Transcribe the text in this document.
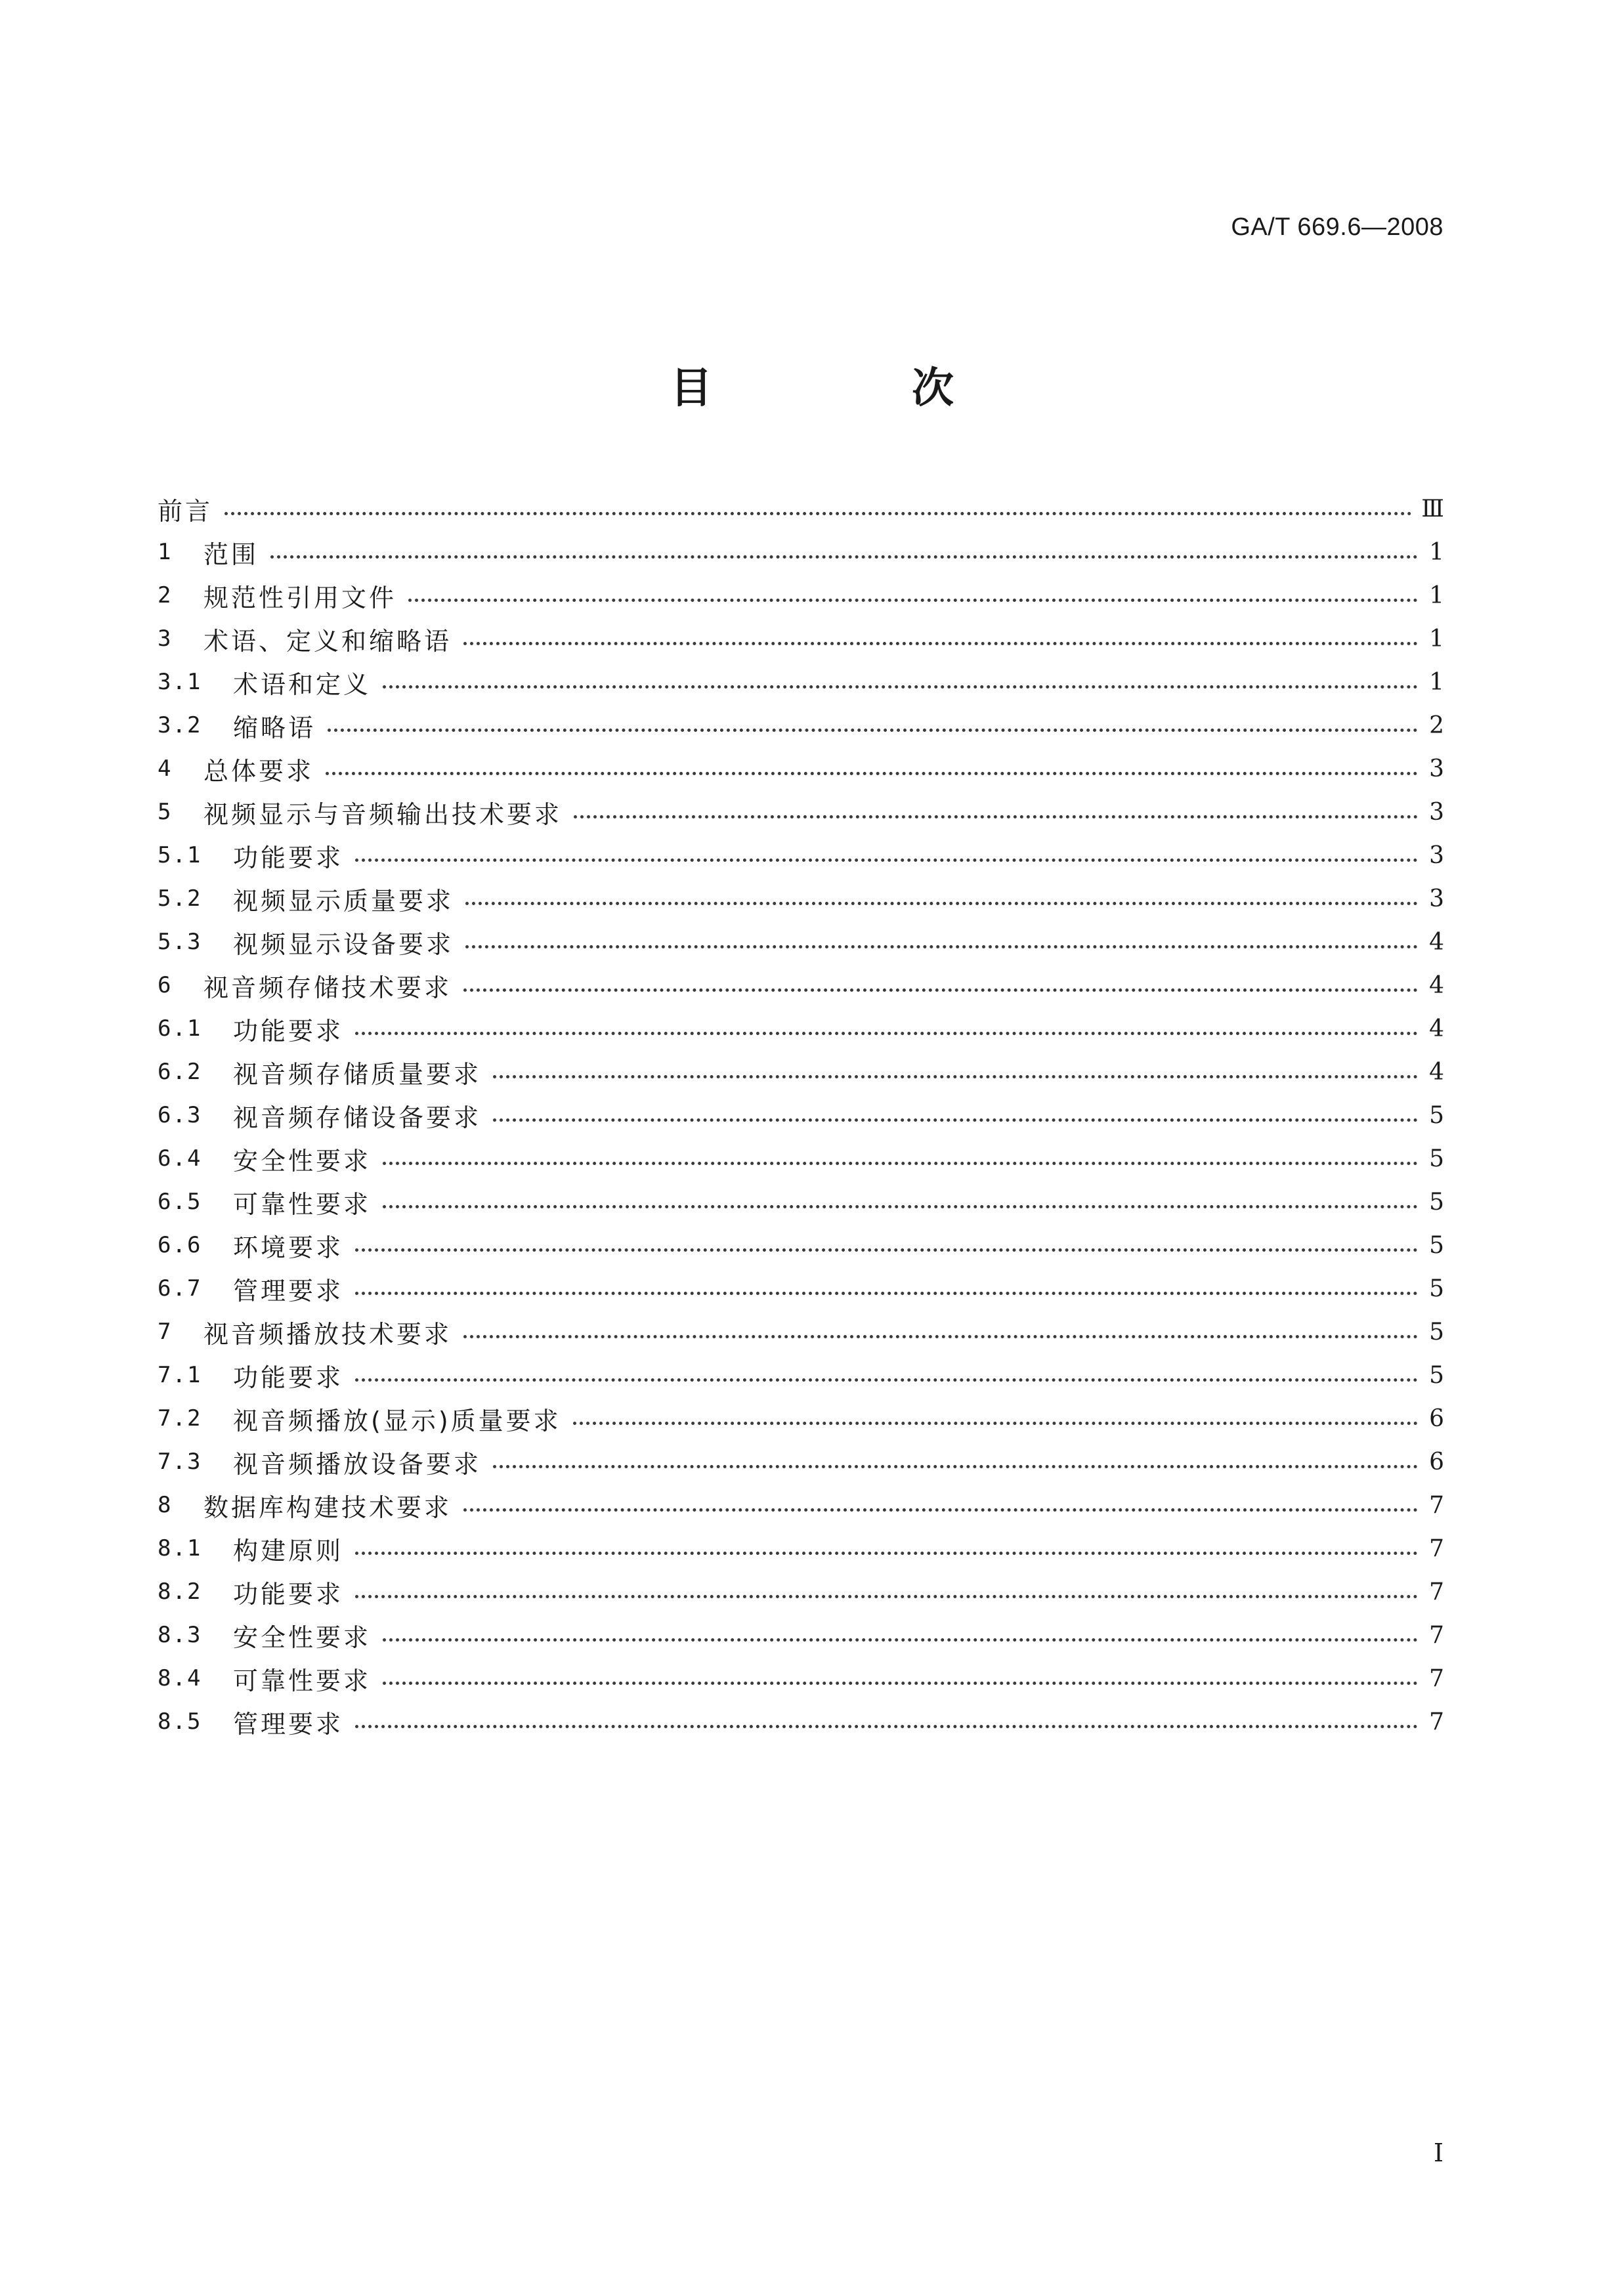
GA/T 669.6—2008
目　次
前言	Ⅲ
1	范围	1
2	规范性引用文件	1
3	术语、定义和缩略语	1
3.1	术语和定义	1
3.2	缩略语	2
4	总体要求	3
5	视频显示与音频输出技术要求	3
5.1	功能要求	3
5.2	视频显示质量要求	3
5.3	视频显示设备要求	4
6	视音频存储技术要求	4
6.1	功能要求	4
6.2	视音频存储质量要求	4
6.3	视音频存储设备要求	5
6.4	安全性要求	5
6.5	可靠性要求	5
6.6	环境要求	5
6.7	管理要求	5
7	视音频播放技术要求	5
7.1	功能要求	5
7.2	视音频播放(显示)质量要求	6
7.3	视音频播放设备要求	6
8	数据库构建技术要求	7
8.1	构建原则	7
8.2	功能要求	7
8.3	安全性要求	7
8.4	可靠性要求	7
8.5	管理要求	7
I
